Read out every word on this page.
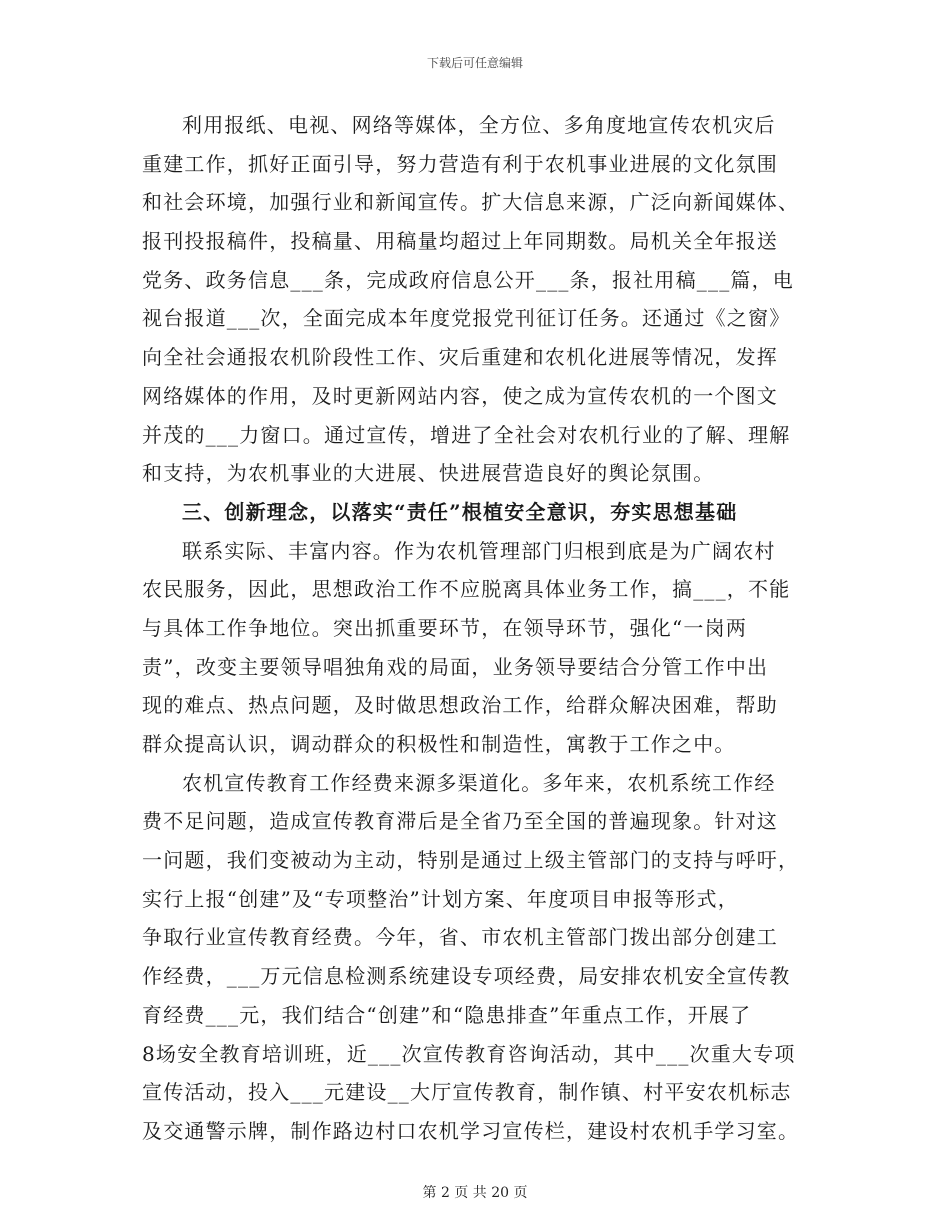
下载后可任意编辑
利用报纸、电视、网络等媒体，全方位、多角度地宣传农机灾后
重建工作，抓好正面引导，努力营造有利于农机事业进展的文化氛围
和社会环境，加强行业和新闻宣传。扩大信息来源，广泛向新闻媒体、
报刊投报稿件，投稿量、用稿量均超过上年同期数。局机关全年报送
党务、政务信息___条，完成政府信息公开___条，报社用稿___篇，电
视台报道___次，全面完成本年度党报党刊征订任务。还通过《之窗》
向全社会通报农机阶段性工作、灾后重建和农机化进展等情况，发挥
网络媒体的作用，及时更新网站内容，使之成为宣传农机的一个图文
并茂的___力窗口。通过宣传，增进了全社会对农机行业的了解、理解
和支持，为农机事业的大进展、快进展营造良好的舆论氛围。
三、创新理念，以落实“责任”根植安全意识，夯实思想基础
联系实际、丰富内容。作为农机管理部门归根到底是为广阔农村
农民服务，因此，思想政治工作不应脱离具体业务工作，搞___，不能
与具体工作争地位。突出抓重要环节，在领导环节，强化“一岗两
责”，改变主要领导唱独角戏的局面，业务领导要结合分管工作中出
现的难点、热点问题，及时做思想政治工作，给群众解决困难，帮助
群众提高认识，调动群众的积极性和制造性，寓教于工作之中。
农机宣传教育工作经费来源多渠道化。多年来，农机系统工作经
费不足问题，造成宣传教育滞后是全省乃至全国的普遍现象。针对这
一问题，我们变被动为主动，特别是通过上级主管部门的支持与呼吁，
实行上报“创建”及“专项整治”计划方案、年度项目申报等形式，
争取行业宣传教育经费。今年，省、市农机主管部门拨出部分创建工
作经费，___万元信息检测系统建设专项经费，局安排农机安全宣传教
育经费___元，我们结合“创建”和“隐患排查”年重点工作，开展了
8场安全教育培训班，近___次宣传教育咨询活动，其中___次重大专项
宣传活动，投入___元建设__大厅宣传教育，制作镇、村平安农机标志
及交通警示牌，制作路边村口农机学习宣传栏，建设村农机手学习室。
第 2 页 共 20 页
